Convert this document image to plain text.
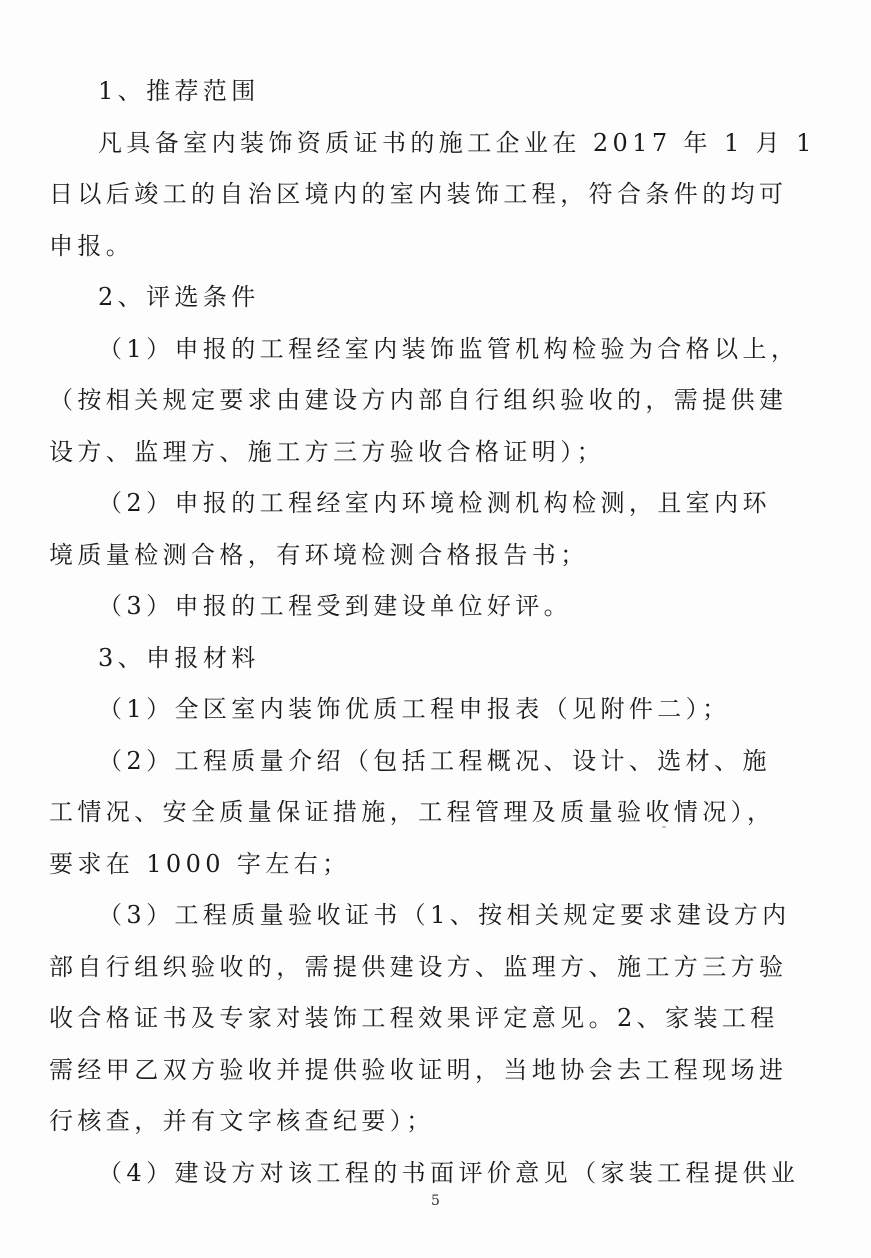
1、推荐范围

凡具备室内装饰资质证书的施工企业在 2017 年 1 月 1

日以后竣工的自治区境内的室内装饰工程，符合条件的均可

申报。

2、评选条件

（1）申报的工程经室内装饰监管机构检验为合格以上，

（按相关规定要求由建设方内部自行组织验收的，需提供建

设方、监理方、施工方三方验收合格证明）；

（2）申报的工程经室内环境检测机构检测，且室内环

境质量检测合格，有环境检测合格报告书；

（3）申报的工程受到建设单位好评。

3、申报材料

（1）全区室内装饰优质工程申报表（见附件二）；

（2）工程质量介绍（包括工程概况、设计、选材、施

工情况、安全质量保证措施，工程管理及质量验收情况），

要求在 1000 字左右；

（3）工程质量验收证书（1、按相关规定要求建设方内

部自行组织验收的，需提供建设方、监理方、施工方三方验

收合格证书及专家对装饰工程效果评定意见。2、家装工程

需经甲乙双方验收并提供验收证明，当地协会去工程现场进

行核查，并有文字核查纪要）；

（4）建设方对该工程的书面评价意见（家装工程提供业

5
